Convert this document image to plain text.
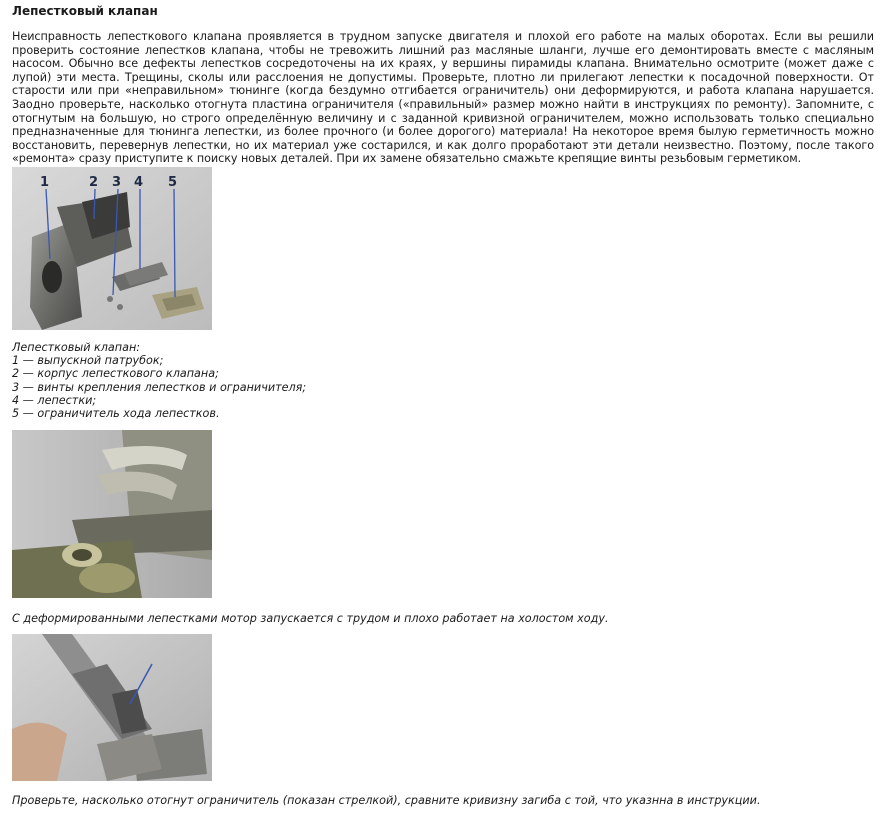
Лепестковый клапан

Неисправность лепесткового клапана проявляется в трудном запуске двигателя и плохой его работе на малых оборотах. Если вы решили проверить состояние лепестков клапана, чтобы не тревожить лишний раз масляные шланги, лучше его демонтировать вместе с масляным насосом. Обычно все дефекты лепестков сосредоточены на их краях, у вершины пирамиды клапана. Внимательно осмотрите (может даже с лупой) эти места. Трещины, сколы или расслоения не допустимы. Проверьте, плотно ли прилегают лепестки к посадочной поверхности. От старости или при «неправильном» тюнинге (когда бездумно отгибается ограничитель) они деформируются, и работа клапана нарушается. Заодно проверьте, насколько отогнута пластина ограничителя («правильный» размер можно найти в инструкциях по ремонту). Запомните, с отогнутым на большую, но строго определённую величину и с заданной кривизной ограничителем, можно использовать только специально предназначенные для тюнинга лепестки, из более прочного (и более дорогого) материала! На некоторое время былую герметичность можно восстановить, перевернув лепестки, но их материал уже состарился, и как долго проработают эти детали неизвестно. Поэтому, после такого «ремонта» сразу приступите к поиску новых деталей. При их замене обязательно смажьте крепящие винты резьбовым герметиком.

1	2 3 4 5

Лепестковый клапан:

1 — выпускной патрубок;

2 — корпус лепесткового клапана;

3 — винты крепления лепестков и ограничителя;

4 — лепестки;

5 — ограничитель хода лепестков.

С деформированными лепестками мотор запускается с трудом и плохо работает на холостом ходу.
Проверьте, насколько отогнут ограничитель (показан стрелкой), сравните кривизну загиба с той, что указнна в инструкции.
